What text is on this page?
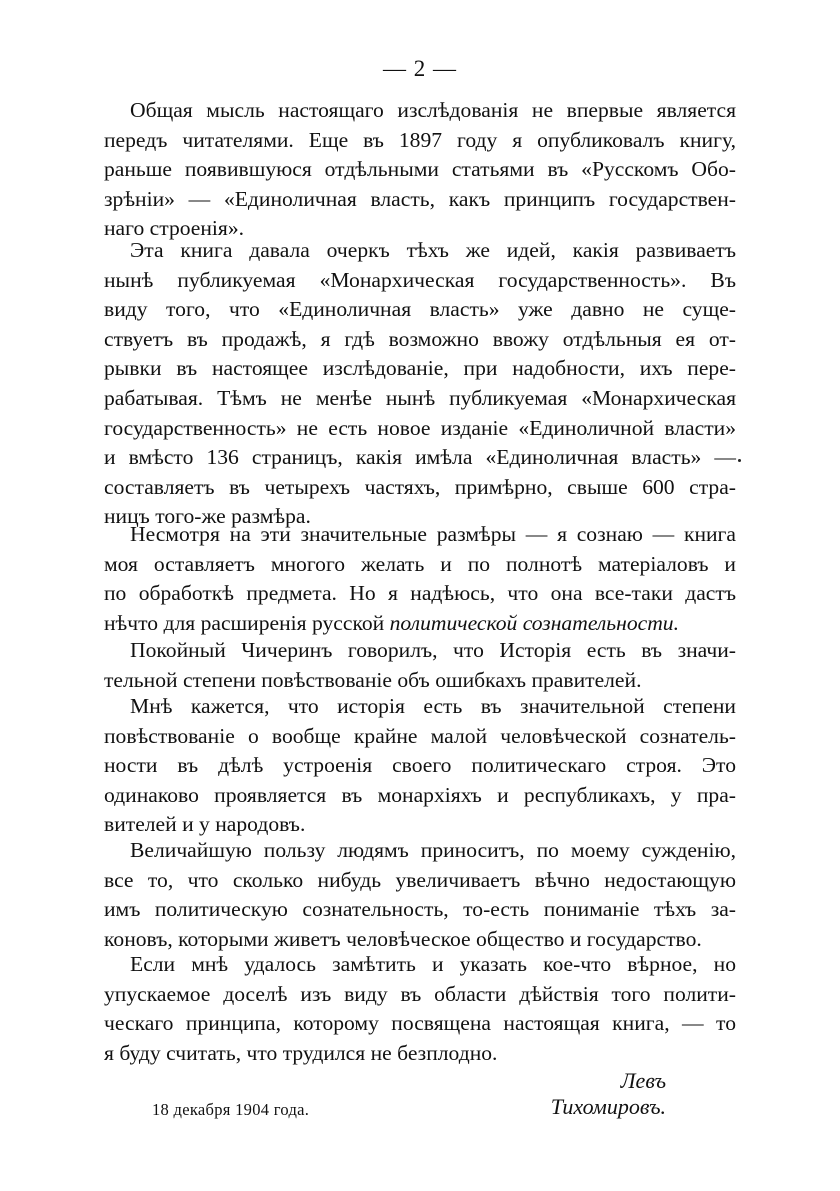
— 2 —
Общая мысль настоящаго изслѣдованія не впервые является
передъ читателями. Еще въ 1897 году я опубликовалъ книгу,
раньше появившуюся отдѣльными статьями въ «Русскомъ Обо-
зрѣніи» — «Единоличная власть, какъ принципъ государствен-
наго строенія».
Эта книга давала очеркъ тѣхъ же идей, какія развиваетъ
нынѣ публикуемая «Монархическая государственность». Въ
виду того, что «Единоличная власть» уже давно не суще-
ствуетъ въ продажѣ, я гдѣ возможно ввожу отдѣльныя ея от-
рывки въ настоящее изслѣдованіе, при надобности, ихъ пере-
рабатывая. Тѣмъ не менѣе нынѣ публикуемая «Монархическая
государственность» не есть новое изданіе «Единоличной власти»
и вмѣсто 136 страницъ, какія имѣла «Единоличная власть» —
составляетъ въ четырехъ частяхъ, примѣрно, свыше 600 стра-
ницъ того-же размѣра.
Несмотря на эти значительные размѣры — я сознаю — книга
моя оставляетъ многого желать и по полнотѣ матеріаловъ и
по обработкѣ предмета. Но я надѣюсь, что она все-таки дастъ
нѣчто для расширенія русской политической сознательности.
Покойный Чичеринъ говорилъ, что Исторія есть въ значи-
тельной степени повѣствованіе объ ошибкахъ правителей.
Мнѣ кажется, что исторія есть въ значительной степени
повѣствованіе о вообще крайне малой человѣческой сознатель-
ности въ дѣлѣ устроенія своего политическаго строя. Это
одинаково проявляется въ монархіяхъ и республикахъ, у пра-
вителей и у народовъ.
Величайшую пользу людямъ приноситъ, по моему сужденію,
все то, что сколько нибудь увеличиваетъ вѣчно недостающую
имъ политическую сознательность, то-есть пониманіе тѣхъ за-
коновъ, которыми живетъ человѣческое общество и государство.
Если мнѣ удалось замѣтить и указать кое-что вѣрное, но
упускаемое доселѣ изъ виду въ области дѣйствія того полити-
ческаго принципа, которому посвящена настоящая книга, — то
я буду считать, что трудился не безплодно.
Левъ Тихомировъ.
18 декабря 1904 года.
